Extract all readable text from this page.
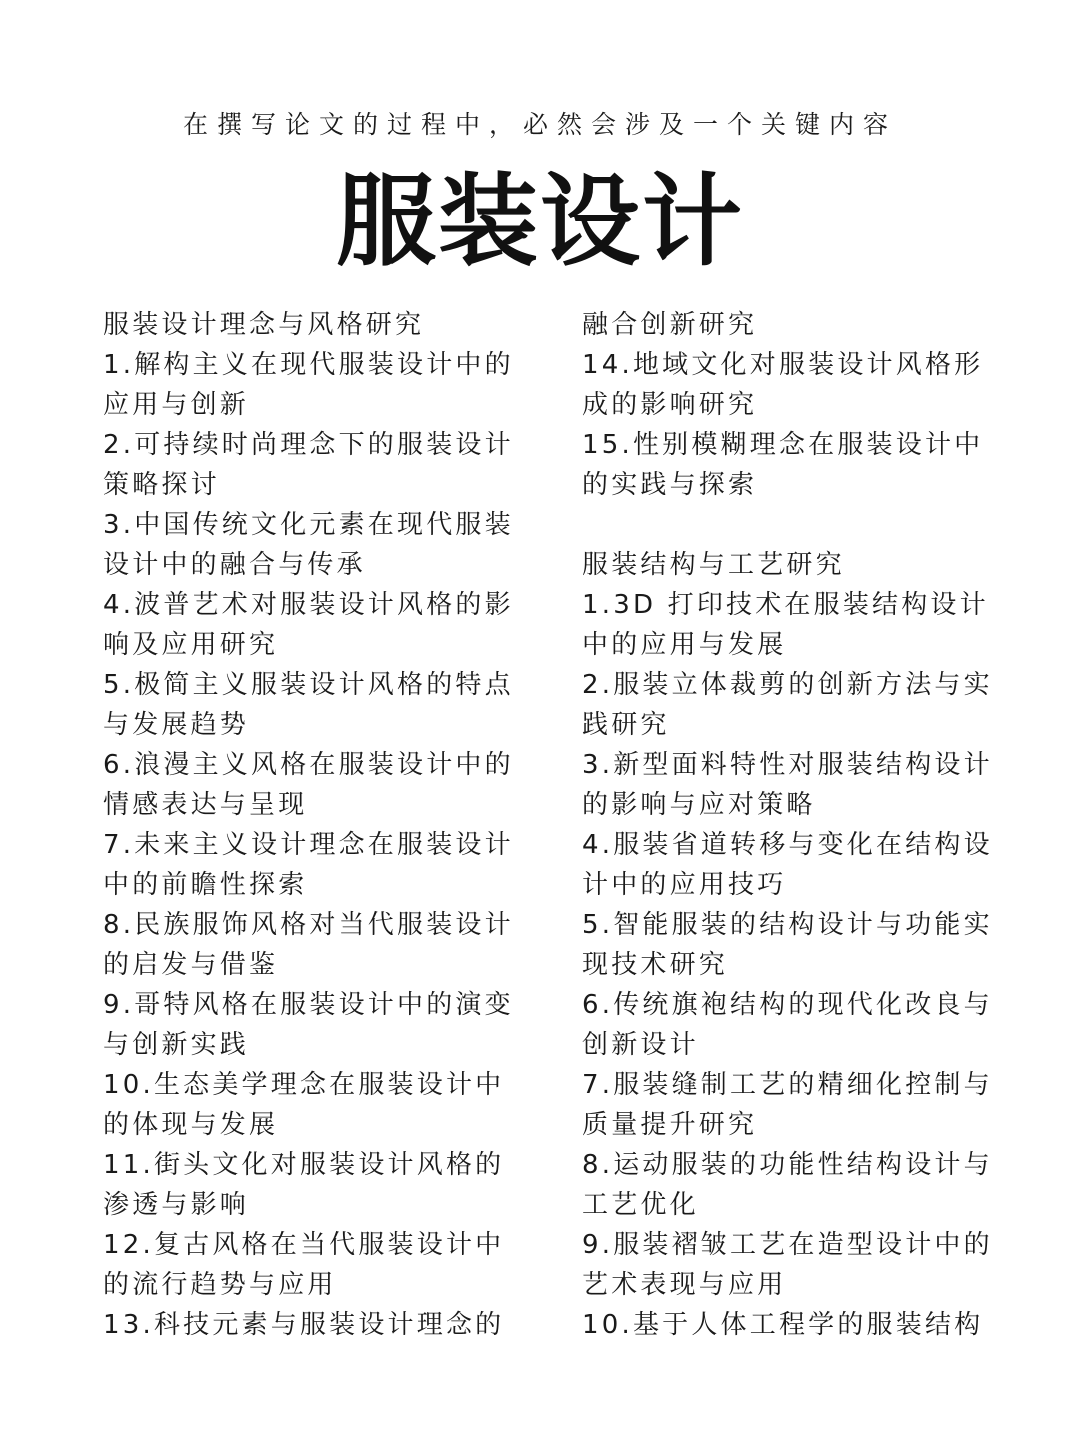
在撰写论文的过程中，必然会涉及一个关键内容
服装设计
服装设计理念与风格研究
1.解构主义在现代服装设计中的
应用与创新
2.可持续时尚理念下的服装设计
策略探讨
3.中国传统文化元素在现代服装
设计中的融合与传承
4.波普艺术对服装设计风格的影
响及应用研究
5.极简主义服装设计风格的特点
与发展趋势
6.浪漫主义风格在服装设计中的
情感表达与呈现
7.未来主义设计理念在服装设计
中的前瞻性探索
8.民族服饰风格对当代服装设计
的启发与借鉴
9.哥特风格在服装设计中的演变
与创新实践
10.生态美学理念在服装设计中
的体现与发展
11.街头文化对服装设计风格的
渗透与影响
12.复古风格在当代服装设计中
的流行趋势与应用
13.科技元素与服装设计理念的
融合创新研究
14.地域文化对服装设计风格形
成的影响研究
15.性别模糊理念在服装设计中
的实践与探索
服装结构与工艺研究
1.3D 打印技术在服装结构设计
中的应用与发展
2.服装立体裁剪的创新方法与实
践研究
3.新型面料特性对服装结构设计
的影响与应对策略
4.服装省道转移与变化在结构设
计中的应用技巧
5.智能服装的结构设计与功能实
现技术研究
6.传统旗袍结构的现代化改良与
创新设计
7.服装缝制工艺的精细化控制与
质量提升研究
8.运动服装的功能性结构设计与
工艺优化
9.服装褶皱工艺在造型设计中的
艺术表现与应用
10.基于人体工程学的服装结构
